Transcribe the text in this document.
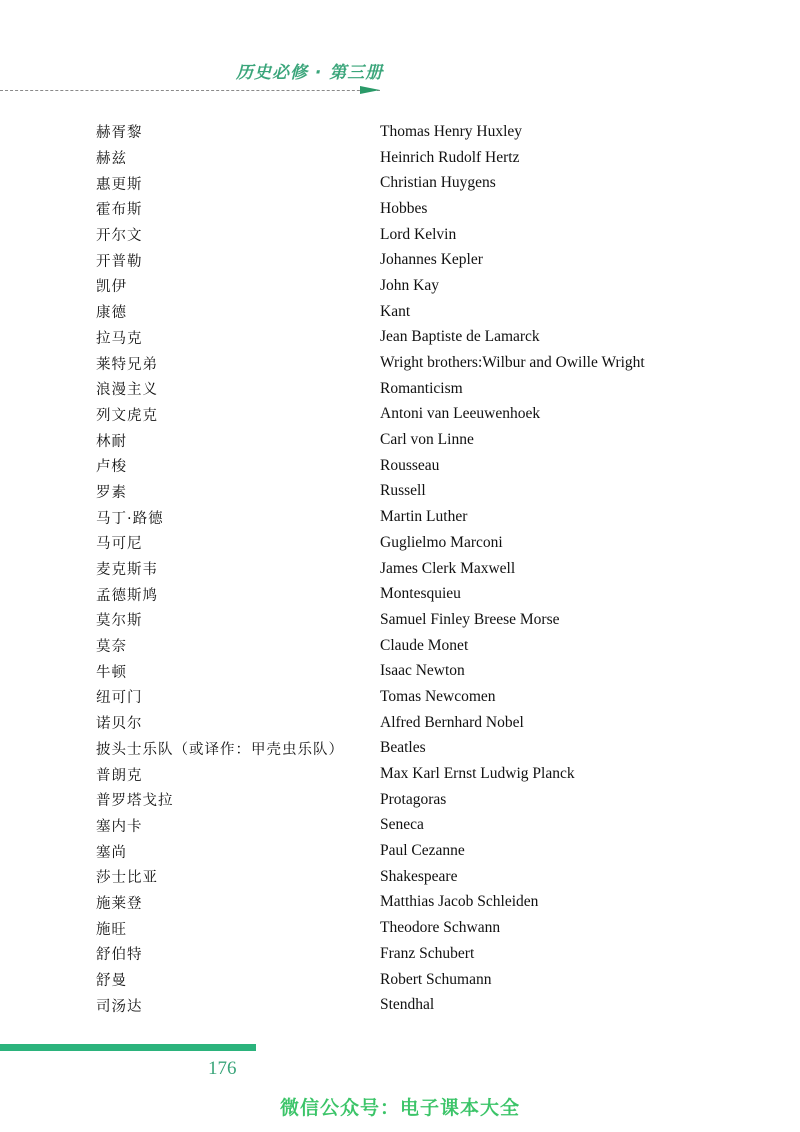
历史必修 · 第三册
赫胥黎	Thomas Henry Huxley
赫兹	Heinrich Rudolf Hertz
惠更斯	Christian Huygens
霍布斯	Hobbes
开尔文	Lord Kelvin
开普勒	Johannes Kepler
凯伊	John Kay
康德	Kant
拉马克	Jean Baptiste de Lamarck
莱特兄弟	Wright brothers:Wilbur and Owille Wright
浪漫主义	Romanticism
列文虎克	Antoni van Leeuwenhoek
林耐	Carl von Linne
卢梭	Rousseau
罗素	Russell
马丁·路德	Martin Luther
马可尼	Guglielmo Marconi
麦克斯韦	James Clerk Maxwell
孟德斯鸠	Montesquieu
莫尔斯	Samuel Finley Breese Morse
莫奈	Claude Monet
牛顿	Isaac Newton
纽可门	Tomas Newcomen
诺贝尔	Alfred Bernhard Nobel
披头士乐队（或译作：甲壳虫乐队）	Beatles
普朗克	Max Karl Ernst Ludwig Planck
普罗塔戈拉	Protagoras
塞内卡	Seneca
塞尚	Paul Cezanne
莎士比亚	Shakespeare
施莱登	Matthias Jacob Schleiden
施旺	Theodore Schwann
舒伯特	Franz Schubert
舒曼	Robert Schumann
司汤达	Stendhal
176
微信公众号：电子课本大全
